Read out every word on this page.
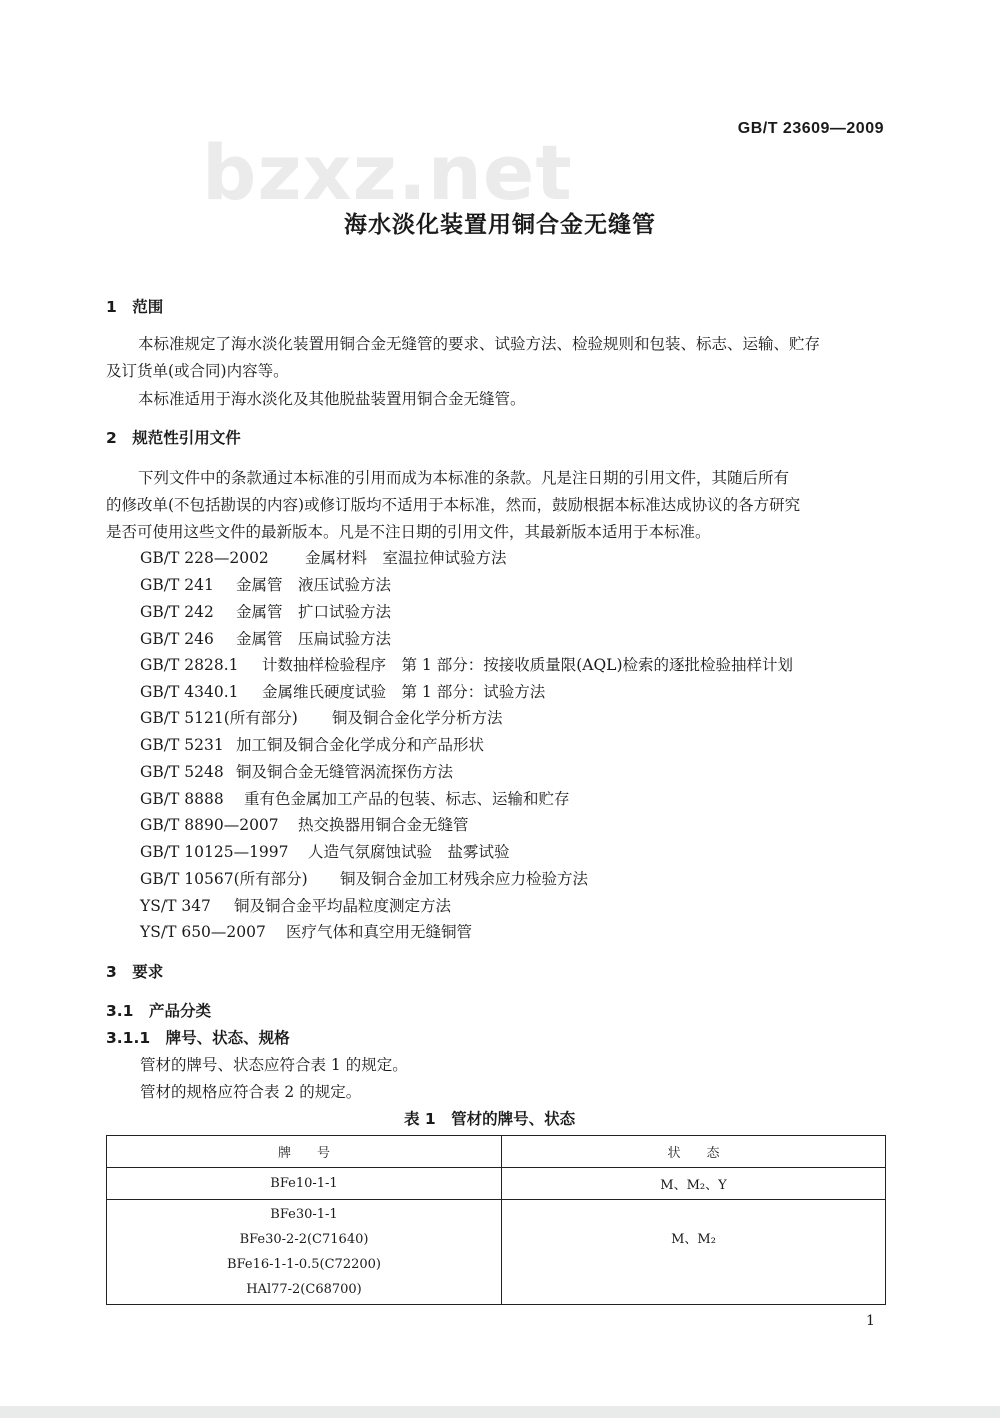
bzxz.net	GB/T 23609—2009
海水淡化装置用铜合金无缝管
1　范围
本标准规定了海水淡化装置用铜合金无缝管的要求、试验方法、检验规则和包装、标志、运输、贮存
及订货单(或合同)内容等。
本标准适用于海水淡化及其他脱盐装置用铜合金无缝管。
2　规范性引用文件
下列文件中的条款通过本标准的引用而成为本标准的条款。凡是注日期的引用文件，其随后所有
的修改单(不包括勘误的内容)或修订版均不适用于本标准，然而，鼓励根据本标准达成协议的各方研究
是否可使用这些文件的最新版本。凡是不注日期的引用文件，其最新版本适用于本标准。
GB/T 228—2002 金属材料　室温拉伸试验方法
GB/T 241 金属管　液压试验方法
GB/T 242 金属管　扩口试验方法
GB/T 246 金属管　压扁试验方法
GB/T 2828.1 计数抽样检验程序　第 1 部分：按接收质量限(AQL)检索的逐批检验抽样计划
GB/T 4340.1 金属维氏硬度试验　第 1 部分：试验方法
GB/T 5121(所有部分) 铜及铜合金化学分析方法
GB/T 5231 加工铜及铜合金化学成分和产品形状
GB/T 5248 铜及铜合金无缝管涡流探伤方法
GB/T 8888 重有色金属加工产品的包装、标志、运输和贮存
GB/T 8890—2007 热交换器用铜合金无缝管
GB/T 10125—1997 人造气氛腐蚀试验　盐雾试验
GB/T 10567(所有部分) 铜及铜合金加工材残余应力检验方法
YS/T 347 铜及铜合金平均晶粒度测定方法
YS/T 650—2007 医疗气体和真空用无缝铜管
3　要求
3.1　产品分类
3.1.1　牌号、状态、规格
管材的牌号、状态应符合表 1 的规定。
管材的规格应符合表 2 的规定。
表 1　管材的牌号、状态
牌　　号	状　　态
BFe10-1-1	M、M₂、Y

BFe30-1-1
BFe30-2-2(C71640)
BFe16-1-1-0.5(C72200)
HAl77-2(C68700)	M、M₂
1
